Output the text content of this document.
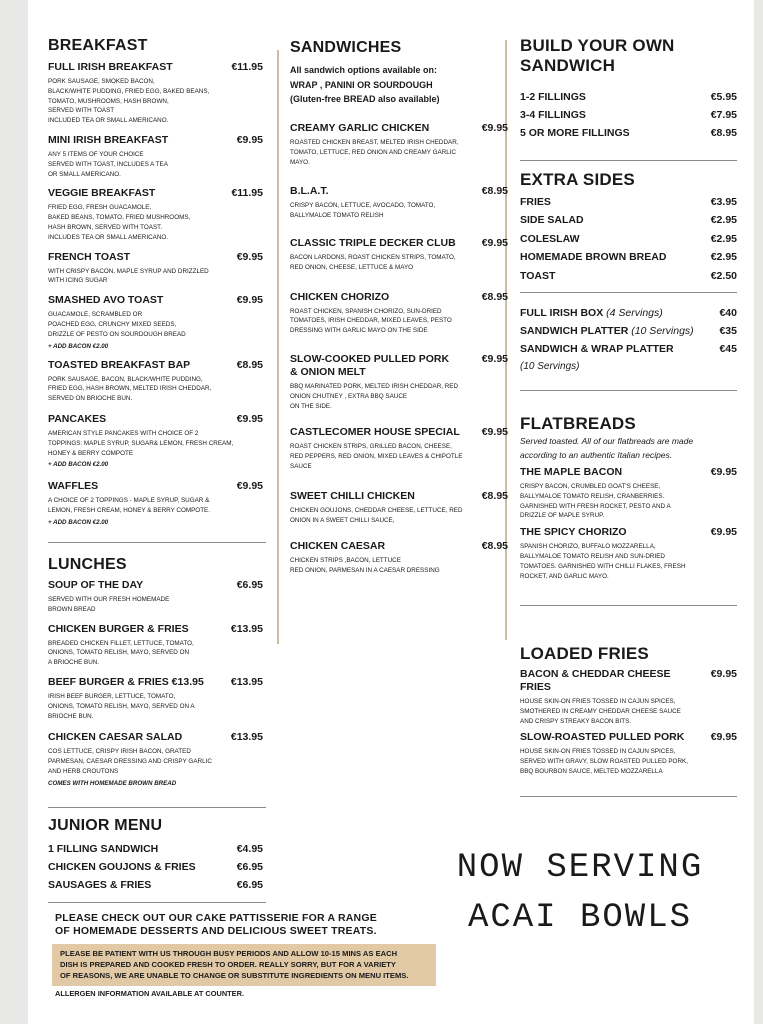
BREAKFAST
FULL IRISH BREAKFAST	€11.95
PORK SAUSAGE, SMOKED BACON,
BLACK/WHITE PUDDING, FRIED EGG, BAKED BEANS,
TOMATO, MUSHROOMS, HASH BROWN,
SERVED WITH TOAST
INCLUDED TEA OR SMALL AMERICANO.
MINI IRISH BREAKFAST	€9.95
ANY 5 ITEMS OF YOUR CHOICE
SERVED WITH TOAST, INCLUDES A TEA
OR SMALL AMERICANO.
VEGGIE BREAKFAST	€11.95
FRIED EGG, FRESH GUACAMOLE,
BAKED BEANS, TOMATO, FRIED MUSHROOMS,
HASH BROWN, SERVED WITH TOAST.
INCLUDES TEA OR SMALL AMERICANO.
FRENCH TOAST	€9.95
WITH CRISPY BACON, MAPLE SYRUP AND DRIZZLED
WITH ICING SUGAR
SMASHED AVO TOAST	€9.95
GUACAMOLE, SCRAMBLED OR
POACHED EGG, CRUNCHY MIXED SEEDS,
DRIZZLE OF PESTO ON SOURDOUGH BREAD
+ ADD BACON €2.00
TOASTED BREAKFAST BAP	€8.95
PORK SAUSAGE, BACON, BLACK/WHITE PUDDING,
FRIED EGG, HASH BROWN, MELTED IRISH CHEDDAR,
SERVED ON BRIOCHE BUN.
PANCAKES	€9.95
AMERICAN STYLE PANCAKES WITH CHOICE OF 2
TOPPINGS: MAPLE SYRUP, SUGAR& LEMON, FRESH CREAM,
HONEY & BERRY COMPOTE
+ ADD BACON €2.00
WAFFLES	€9.95
A CHOICE OF 2 TOPPINGS - MAPLE SYRUP, SUGAR &
LEMON, FRESH CREAM, HONEY & BERRY COMPOTE.
+ ADD BACON €2.00
LUNCHES
SOUP OF THE DAY	€6.95
SERVED WITH OUR FRESH HOMEMADE
BROWN BREAD
CHICKEN BURGER & FRIES	€13.95
BREADED CHICKEN FILLET, LETTUCE, TOMATO,
ONIONS, TOMATO RELISH, MAYO, SERVED ON
A BRIOCHE BUN.
BEEF BURGER & FRIES €13.95	€13.95
IRISH BEEF BURGER, LETTUCE, TOMATO,
ONIONS, TOMATO RELISH, MAYO, SERVED ON A
BRIOCHE BUN.
CHICKEN CAESAR SALAD	€13.95
COS LETTUCE, CRISPY IRISH BACON, GRATED
PARMESAN, CAESAR DRESSING AND CRISPY GARLIC
AND HERB CROUTONS
COMES WITH HOMEMADE BROWN BREAD
JUNIOR MENU
1 FILLING SANDWICH	€4.95
CHICKEN GOUJONS & FRIES	€6.95
SAUSAGES & FRIES	€6.95
SANDWICHES
All sandwich options available on:
WRAP , PANINI OR SOURDOUGH
(Gluten-free BREAD also available)
CREAMY GARLIC CHICKEN	€9.95
ROASTED CHICKEN BREAST, MELTED IRISH CHEDDAR,
TOMATO, LETTUCE, RED ONION AND CREAMY GARLIC
MAYO.
B.L.A.T.	€8.95
CRISPY BACON, LETTUCE, AVOCADO, TOMATO,
BALLYMALOE TOMATO RELISH
CLASSIC TRIPLE DECKER CLUB	€9.95
BACON LARDONS, ROAST CHICKEN STRIPS, TOMATO,
RED ONION, CHEESE, LETTUCE & MAYO
CHICKEN CHORIZO	€8.95
ROAST CHICKEN, SPANISH CHORIZO, SUN-DRIED
TOMATOES, IRISH CHEDDAR, MIXED LEAVES, PESTO
DRESSING WITH GARLIC MAYO ON THE SIDE
SLOW-COOKED PULLED PORK
& ONION MELT
€9.95
BBQ MARINATED PORK, MELTED IRISH CHEDDAR, RED
ONION CHUTNEY , EXTRA BBQ SAUCE
ON THE SIDE.
CASTLECOMER HOUSE SPECIAL	€9.95
ROAST CHICKEN STRIPS, GRILLED BACON, CHEESE,
RED PEPPERS, RED ONION, MIXED LEAVES & CHIPOTLE
SAUCE
SWEET CHILLI CHICKEN	€8.95
CHICKEN GOUJONS, CHEDDAR CHEESE, LETTUCE, RED
ONION IN A SWEET CHILLI SAUCE,
CHICKEN CAESAR	€8.95
CHICKEN STRIPS ,BACON, LETTUCE
RED ONION, PARMESAN IN A CAESAR DRESSING
BUILD YOUR OWN
SANDWICH
1-2 FILLINGS	€5.95
3-4 FILLINGS	€7.95
5 OR MORE FILLINGS	€8.95
EXTRA SIDES
FRIES	€3.95
SIDE SALAD	€2.95
COLESLAW	€2.95
HOMEMADE BROWN BREAD	€2.95
TOAST	€2.50
FULL IRISH BOX (4 Servings)	€40
SANDWICH PLATTER (10 Servings) €35
SANDWICH & WRAP PLATTER	€45
(10 Servings)
FLATBREADS
Served toasted. All of our flatbreads are made
according to an authentic Italian recipes.
THE MAPLE BACON	€9.95
CRISPY BACON, CRUMBLED GOAT'S CHEESE,
BALLYMALOE TOMATO RELISH, CRANBERRIES.
GARNISHED WITH FRESH ROCKET, PESTO AND A
DRIZZLE OF MAPLE SYRUP.
THE SPICY CHORIZO	€9.95
SPANISH CHORIZO, BUFFALO MOZZARELLA,
BALLYMALOE TOMATO RELISH AND SUN-DRIED
TOMATOES. GARNISHED WITH CHILLI FLAKES, FRESH
ROCKET, AND GARLIC MAYO.
LOADED FRIES
BACON & CHEDDAR CHEESE FRIES
€9.95
HOUSE SKIN-ON FRIES TOSSED IN CAJUN SPICES,
SMOTHERED IN CREAMY CHEDDAR CHEESE SAUCE
AND CRISPY STREAKY BACON BITS.
SLOW-ROASTED PULLED PORK	€9.95
HOUSE SKIN-ON FRIES TOSSED IN CAJUN SPICES,
SERVED WITH GRAVY, SLOW ROASTED PULLED PORK,
BBQ BOURBON SAUCE, MELTED MOZZARELLA
NOW SERVING
ACAI BOWLS
PLEASE CHECK OUT OUR CAKE PATTISSERIE FOR A RANGE
OF HOMEMADE DESSERTS AND DELICIOUS SWEET TREATS.
PLEASE BE PATIENT WITH US THROUGH BUSY PERIODS AND ALLOW 10-15 MINS AS EACH
DISH IS PREPARED AND COOKED FRESH TO ORDER. REALLY SORRY, BUT FOR A VARIETY
OF REASONS, WE ARE UNABLE TO CHANGE OR SUBSTITUTE INGREDIENTS ON MENU ITEMS.
ALLERGEN INFORMATION AVAILABLE AT COUNTER.
